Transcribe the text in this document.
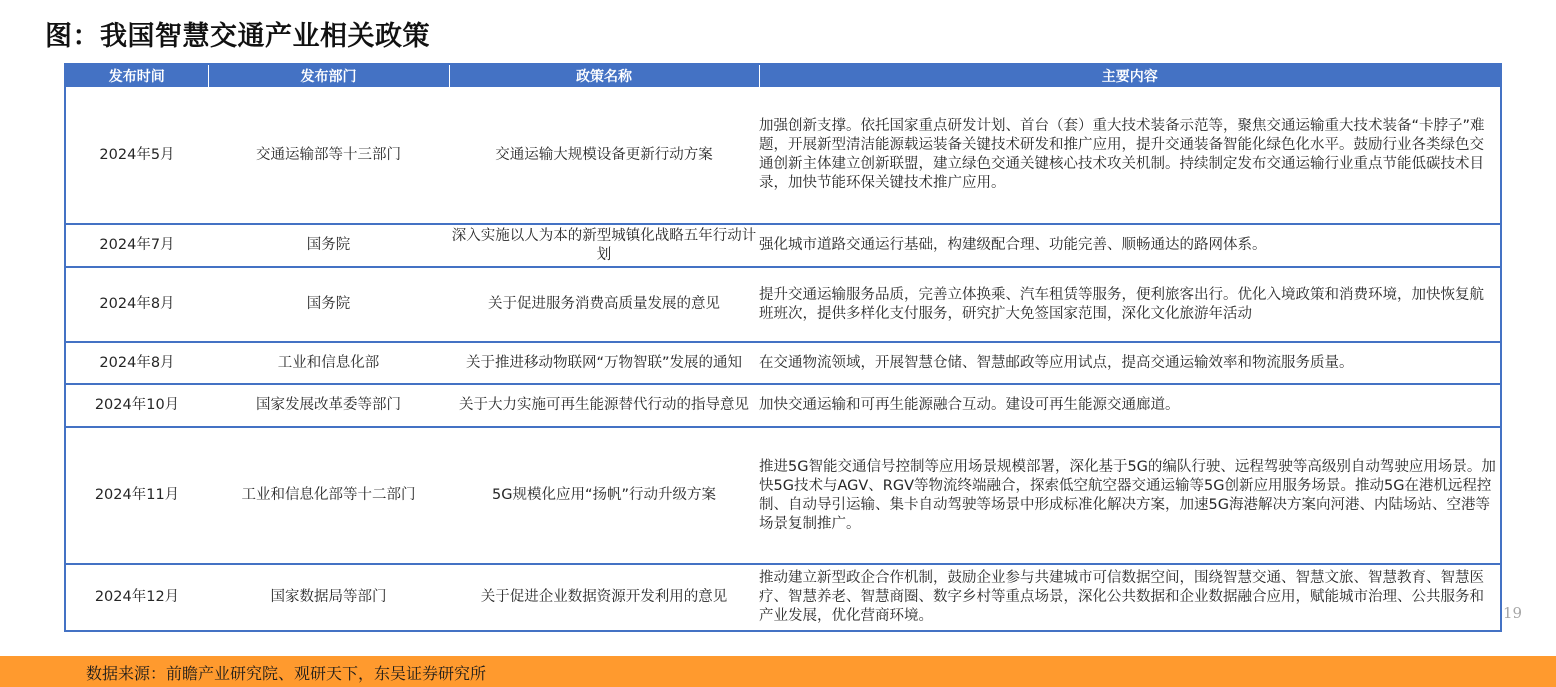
图：我国智慧交通产业相关政策
发布时间	发布部门	政策名称	主要内容
2024年5月	交通运输部等十三部门	交通运输大规模设备更新行动方案	加强创新支撑。依托国家重点研发计划、首台（套）重大技术装备示范等，聚焦交通运输重大技术装备“卡脖子”难题，开展新型清洁能源载运装备关键技术研发和推广应用，提升交通装备智能化绿色化水平。鼓励行业各类绿色交通创新主体建立创新联盟，建立绿色交通关键核心技术攻关机制。持续制定发布交通运输行业重点节能低碳技术目录，加快节能环保关键技术推广应用。
2024年7月	国务院	深入实施以人为本的新型城镇化战略五年行动计划	强化城市道路交通运行基础，构建级配合理、功能完善、顺畅通达的路网体系。
2024年8月	国务院	关于促进服务消费高质量发展的意见	提升交通运输服务品质，完善立体换乘、汽车租赁等服务，便利旅客出行。优化入境政策和消费环境，加快恢复航班班次，提供多样化支付服务，研究扩大免签国家范围，深化文化旅游年活动
2024年8月	工业和信息化部	关于推进移动物联网“万物智联”发展的通知	在交通物流领域，开展智慧仓储、智慧邮政等应用试点，提高交通运输效率和物流服务质量。
2024年10月	国家发展改革委等部门	关于大力实施可再生能源替代行动的指导意见	加快交通运输和可再生能源融合互动。建设可再生能源交通廊道。
2024年11月	工业和信息化部等十二部门	5G规模化应用“扬帆”行动升级方案	推进5G智能交通信号控制等应用场景规模部署，深化基于5G的编队行驶、远程驾驶等高级别自动驾驶应用场景。加快5G技术与AGV、RGV等物流终端融合，探索低空航空器交通运输等5G创新应用服务场景。推动5G在港机远程控制、自动导引运输、集卡自动驾驶等场景中形成标准化解决方案，加速5G海港解决方案向河港、内陆场站、空港等场景复制推广。
2024年12月	国家数据局等部门	关于促进企业数据资源开发利用的意见	推动建立新型政企合作机制，鼓励企业参与共建城市可信数据空间，围绕智慧交通、智慧文旅、智慧教育、智慧医疗、智慧养老、智慧商圈、数字乡村等重点场景，深化公共数据和企业数据融合应用，赋能城市治理、公共服务和产业发展，优化营商环境。	19
数据来源：前瞻产业研究院、观研天下，东吴证券研究所
